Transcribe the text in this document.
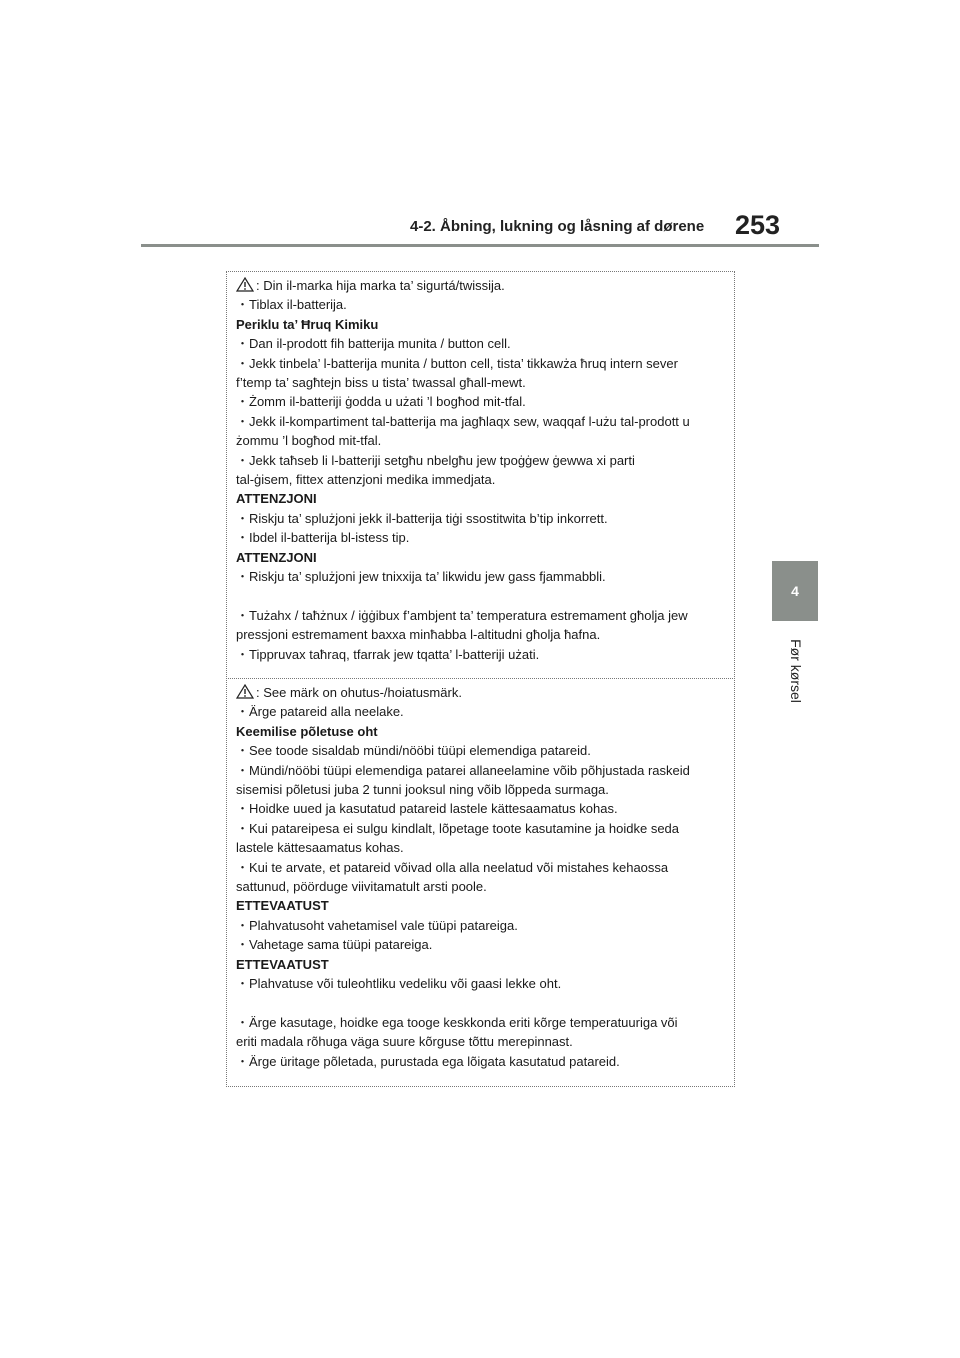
4-2. Åbning, lukning og låsning af dørene 253
4
Før kørsel

: Din il-marka hija marka ta’ sigurtá/twissija.

・Tiblax il-batterija.

Periklu ta’ Ħruq Kimiku

・Dan il-prodott fih batterija munita / button cell.

・Jekk tinbela’ l-batterija munita / button cell, tista’ tikkawża ħruq intern sever

f’temp ta’ sagħtejn biss u tista’ twassal għall-mewt.

・Żomm il-batteriji ġodda u użati ’l bogħod mit-tfal.

・Jekk il-kompartiment tal-batterija ma jagħlaqx sew, waqqaf l-użu tal-prodott u

żommu ’l bogħod mit-tfal.

・Jekk taħseb li l-batteriji setgħu nbelgħu jew tpoġġew ġewwa xi parti

tal-ġisem, fittex attenzjoni medika immedjata.

ATTENZJONI

・Riskju ta’ splużjoni jekk il-batterija tiġi ssostitwita b’tip inkorrett.

・Ibdel il-batterija bl-istess tip.

ATTENZJONI

・Riskju ta’ splużjoni jew tnixxija ta’ likwidu jew gass fjammabbli.

・Tużahx / taħżnux / iġġibux f’ambjent ta’ temperatura estremament għolja jew

pressjoni estremament baxxa minħabba l-altitudni għolja ħafna.

・Tippruvax taħraq, tfarrak jew tqatta’ l-batteriji użati.

: See märk on ohutus-/hoiatusmärk.

・Ärge patareid alla neelake.

Keemilise põletuse oht

・See toode sisaldab mündi/nööbi tüüpi elemendiga patareid.

・Mündi/nööbi tüüpi elemendiga patarei allaneelamine võib põhjustada raskeid

sisemisi põletusi juba 2 tunni jooksul ning võib lõppeda surmaga.

・Hoidke uued ja kasutatud patareid lastele kättesaamatus kohas.

・Kui patareipesa ei sulgu kindlalt, lõpetage toote kasutamine ja hoidke seda

lastele kättesaamatus kohas.

・Kui te arvate, et patareid võivad olla alla neelatud või mistahes kehaossa

sattunud, pöörduge viivitamatult arsti poole.

ETTEVAATUST

・Plahvatusoht vahetamisel vale tüüpi patareiga.

・Vahetage sama tüüpi patareiga.

ETTEVAATUST

・Plahvatuse või tuleohtliku vedeliku või gaasi lekke oht.

・Ärge kasutage, hoidke ega tooge keskkonda eriti kõrge temperatuuriga või

eriti madala rõhuga väga suure kõrguse tõttu merepinnast.

・Ärge üritage põletada, purustada ega lõigata kasutatud patareid.
